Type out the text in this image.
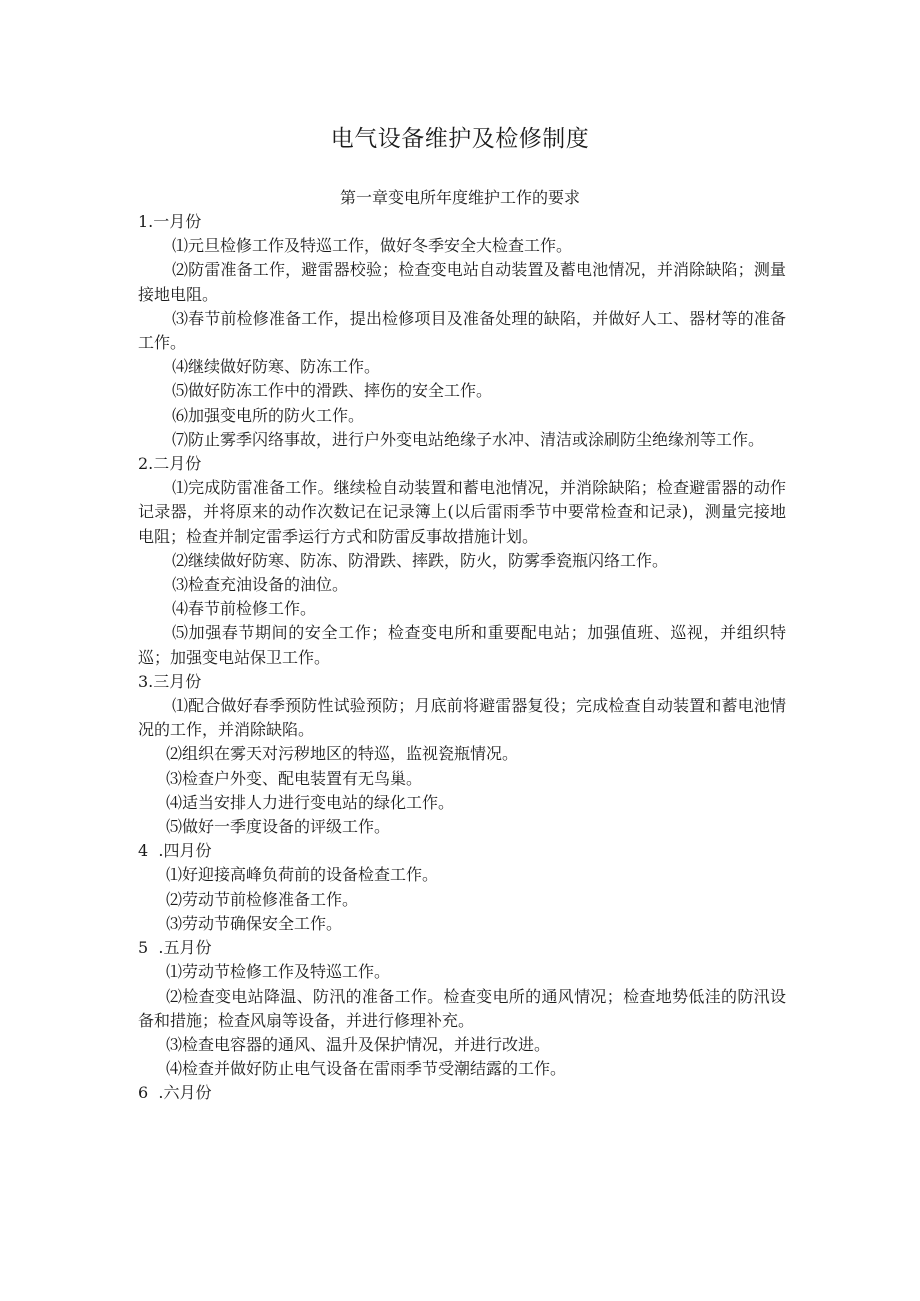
电气设备维护及检修制度
第一章变电所年度维护工作的要求
1.一月份
⑴元旦检修工作及特巡工作，做好冬季安全大检查工作。
⑵防雷准备工作，避雷器校验；检查变电站自动装置及蓄电池情况，并消除缺陷；测量接地电阻。
⑶春节前检修准备工作，提出检修项目及准备处理的缺陷，并做好人工、器材等的准备工作。
⑷继续做好防寒、防冻工作。
⑸做好防冻工作中的滑跌、摔伤的安全工作。
⑹加强变电所的防火工作。
⑺防止雾季闪络事故，进行户外变电站绝缘子水冲、清洁或涂刷防尘绝缘剂等工作。
2.二月份
⑴完成防雷准备工作。继续检自动装置和蓄电池情况，并消除缺陷；检查避雷器的动作记录器，并将原来的动作次数记在记录簿上(以后雷雨季节中要常检查和记录)，测量完接地电阻；检查并制定雷季运行方式和防雷反事故措施计划。
⑵继续做好防寒、防冻、防滑跌、摔跌，防火，防雾季瓷瓶闪络工作。
⑶检查充油设备的油位。
⑷春节前检修工作。
⑸加强春节期间的安全工作；检查变电所和重要配电站；加强值班、巡视，并组织特巡；加强变电站保卫工作。
3.三月份
⑴配合做好春季预防性试验预防；月底前将避雷器复役；完成检查自动装置和蓄电池情况的工作，并消除缺陷。
⑵组织在雾天对污秽地区的特巡，监视瓷瓶情况。
⑶检查户外变、配电装置有无鸟巢。
⑷适当安排人力进行变电站的绿化工作。
⑸做好一季度设备的评级工作。
4  .四月份
⑴好迎接高峰负荷前的设备检查工作。
⑵劳动节前检修准备工作。
⑶劳动节确保安全工作。
5  .五月份
⑴劳动节检修工作及特巡工作。
⑵检查变电站降温、防汛的准备工作。检查变电所的通风情况；检查地势低洼的防汛设备和措施；检查风扇等设备，并进行修理补充。
⑶检查电容器的通风、温升及保护情况，并进行改进。
⑷检查并做好防止电气设备在雷雨季节受潮结露的工作。
6  .六月份
